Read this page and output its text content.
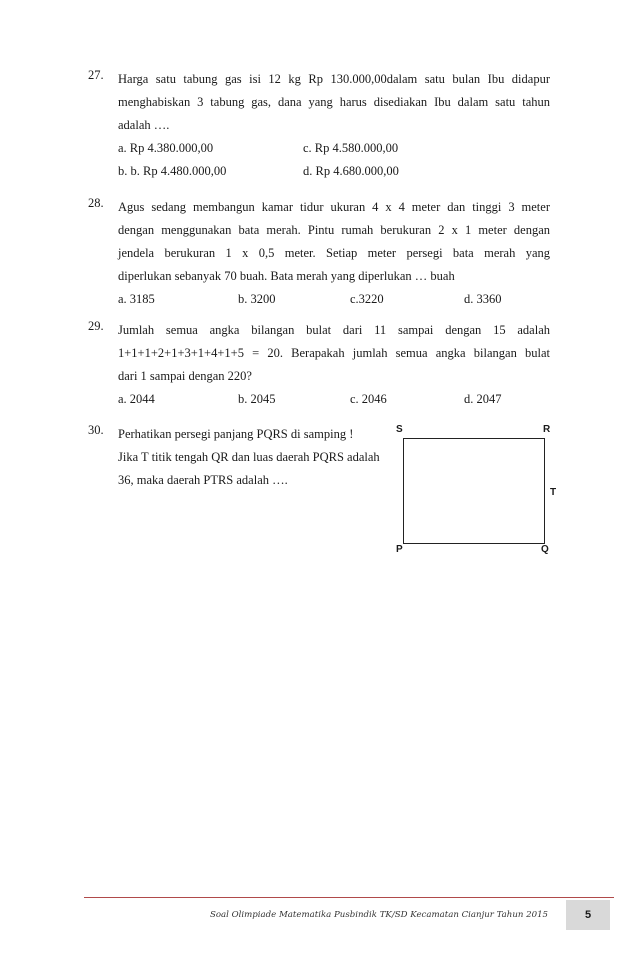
27.	Harga satu tabung gas isi 12 kg Rp 130.000,00dalam satu bulan Ibu didapur
menghabiskan 3 tabung gas, dana yang harus disediakan Ibu dalam satu tahun
adalah ….
a. Rp 4.380.000,00	c. Rp 4.580.000,00
b. b. Rp 4.480.000,00	d. Rp 4.680.000,00
28.	Agus sedang membangun kamar tidur ukuran 4 x 4 meter dan tinggi 3 meter
dengan menggunakan bata merah. Pintu rumah berukuran 2 x 1 meter dengan
jendela berukuran 1 x 0,5 meter. Setiap meter persegi bata merah yang
diperlukan sebanyak 70 buah. Bata merah yang diperlukan … buah
a. 3185	b. 3200	c.3220	d. 3360
29.	Jumlah semua angka bilangan bulat dari 11 sampai dengan 15 adalah
1+1+1+2+1+3+1+4+1+5 = 20. Berapakah jumlah semua angka bilangan bulat
dari 1 sampai dengan 220?
a. 2044	b. 2045	c. 2046	d. 2047
30.	Perhatikan persegi panjang PQRS di samping !
Jika T titik tengah QR dan luas daerah PQRS adalah
36, maka daerah PTRS adalah ….
S	R
T
P	Q
Soal Olimpiade Matematika Pusbindik TK/SD Kecamatan Cianjur Tahun 2015	5
